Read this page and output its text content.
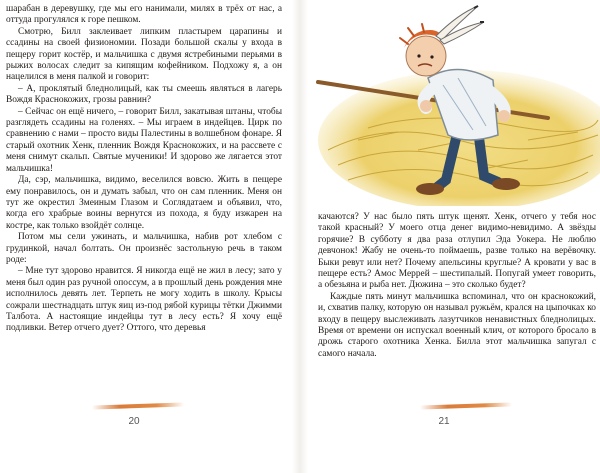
шарабан в деревушку, где мы его нанимали, милях в трёх от нас, а оттуда прогулялся к горе пешком.

Смотрю, Билл заклеивает липким пластырем царапины и ссадины на своей физиономии. Позади большой скалы у входа в пещеру горит костёр, и мальчишка с двумя ястребиными перьями в рыжих волосах следит за кипящим кофейником. Подхожу я, а он нацелился в меня палкой и говорит:

– А, проклятый бледнолицый, как ты смеешь являться в лагерь Вождя Краснокожих, грозы равнин?

– Сейчас он ещё ничего, – говорит Билл, закатывая штаны, чтобы разглядеть ссадины на голенях. – Мы играем в индейцев. Цирк по сравнению с нами – просто виды Палестины в волшебном фонаре. Я старый охотник Хенк, пленник Вождя Краснокожих, и на рассвете с меня снимут скальп. Святые мученики! И здорово же лягается этот мальчишка!

Да, сэр, мальчишка, видимо, веселился вовсю. Жить в пещере ему понравилось, он и думать забыл, что он сам пленник. Меня он тут же окрестил Змеиным Глазом и Соглядатаем и объявил, что, когда его храбрые воины вернутся из похода, я буду изжарен на костре, как только взойдёт солнце.

Потом мы сели ужинать, и мальчишка, набив рот хлебом с грудинкой, начал болтать. Он произнёс застольную речь в таком роде:

– Мне тут здорово нравится. Я никогда ещё не жил в лесу; зато у меня был один раз ручной опоссум, а в прошлый день рождения мне исполнилось девять лет. Терпеть не могу ходить в школу. Крысы сожрали шестнадцать штук яиц из-под рябой курицы тётки Джимми Талбота. А настоящие индейцы тут в лесу есть? Я хочу ещё подливки. Ветер отчего дует? Оттого, что деревья

20

качаются? У нас было пять штук щенят. Хенк, отчего у тебя нос такой красный? У моего отца денег видимо-невидимо. А звёзды горячие? В субботу я два раза отлупил Эда Уокера. Не люблю девчонок! Жабу не очень-то поймаешь, разве только на верёвочку. Быки ревут или нет? Почему апельсины круглые? А кровати у вас в пещере есть? Амос Меррей – шестипалый. Попугай умеет говорить, а обезьяна и рыба нет. Дюжина – это сколько будет?

Каждые пять минут мальчишка вспоминал, что он краснокожий, и, схватив палку, которую он называл ружьём, крался на цыпочках ко входу в пещеру выслеживать лазутчиков ненавистных бледнолицых. Время от времени он испускал военный клич, от которого бросало в дрожь старого охотника Хенка. Билла этот мальчишка запугал с самого начала.

21
